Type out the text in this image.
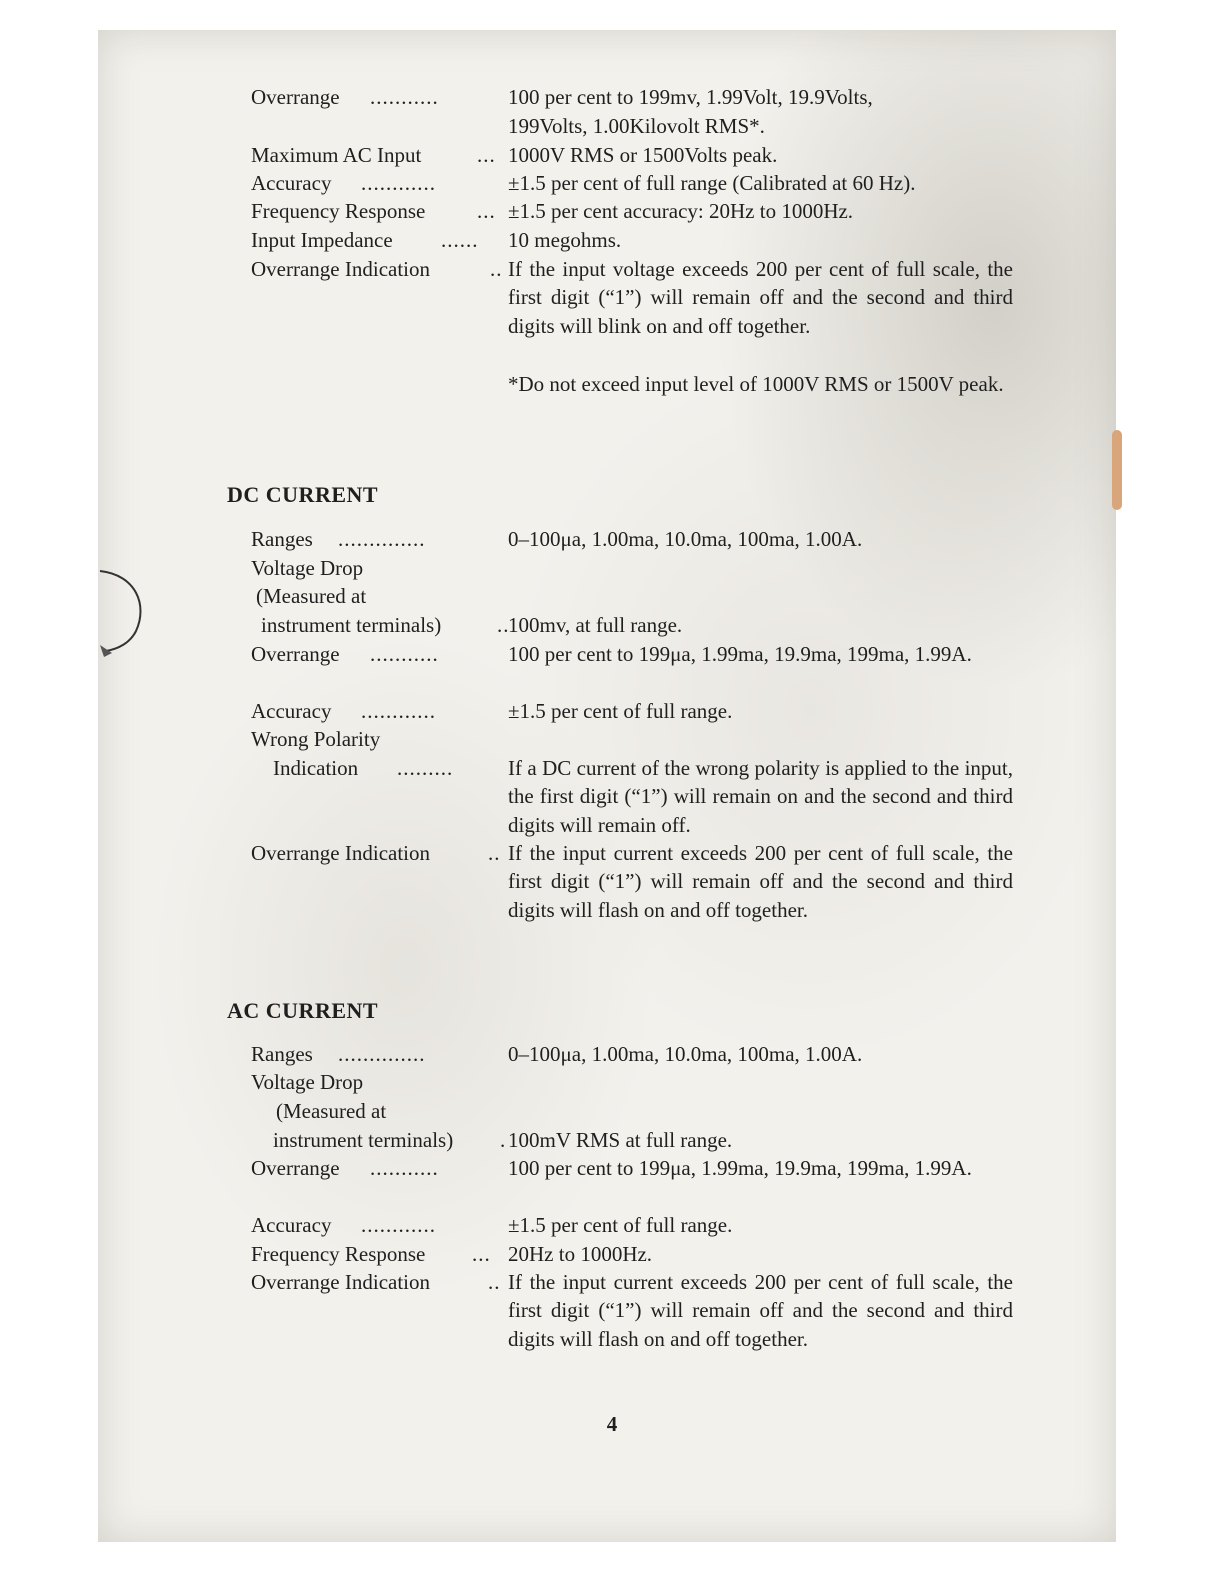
Overrange ...........	100 per cent to 199mv, 1.99Volt, 19.9Volts,
199Volts, 1.00Kilovolt RMS*.
Maximum AC Input	... 1000V RMS or 1500Volts peak.
Accuracy ............	±1.5 per cent of full range (Calibrated at 60 Hz).
Frequency Response ... ±1.5 per cent accuracy: 20Hz to 1000Hz.
Input Impedance ...... 10 megohms.
Overrange Indication	.. If the input voltage exceeds 200 per cent of full scale, the first digit (“1”) will remain off and the second and third digits will blink on and off together.
*Do not exceed input level of 1000V RMS or 1500V peak.
DC CURRENT
Ranges ..............	0–100μa, 1.00ma, 10.0ma, 100ma, 1.00A.
Voltage Drop
(Measured at
instrument terminals)	..
100mv, at full range.
Overrange ...........	100 per cent to 199μa, 1.99ma, 19.9ma, 199ma, 1.99A.
Accuracy ............	±1.5 per cent of full range.
Wrong Polarity
Indication .........	If a DC current of the wrong polarity is applied to the input, the first digit (“1”) will remain on and the second and third digits will remain off.
Overrange Indication	.. If the input current exceeds 200 per cent of full scale, the first digit (“1”) will remain off and the second and third digits will flash on and off together.
AC CURRENT
Ranges ..............	0–100μa, 1.00ma, 10.0ma, 100ma, 1.00A.
Voltage Drop
(Measured at
instrument terminals) . 100mV RMS at full range.
Overrange ...........	100 per cent to 199μa, 1.99ma, 19.9ma, 199ma, 1.99A.
Accuracy ............	±1.5 per cent of full range.
Frequency Response ... 20Hz to 1000Hz.
Overrange Indication	.. If the input current exceeds 200 per cent of full scale, the first digit (“1”) will remain off and the second and third digits will flash on and off together.
4
